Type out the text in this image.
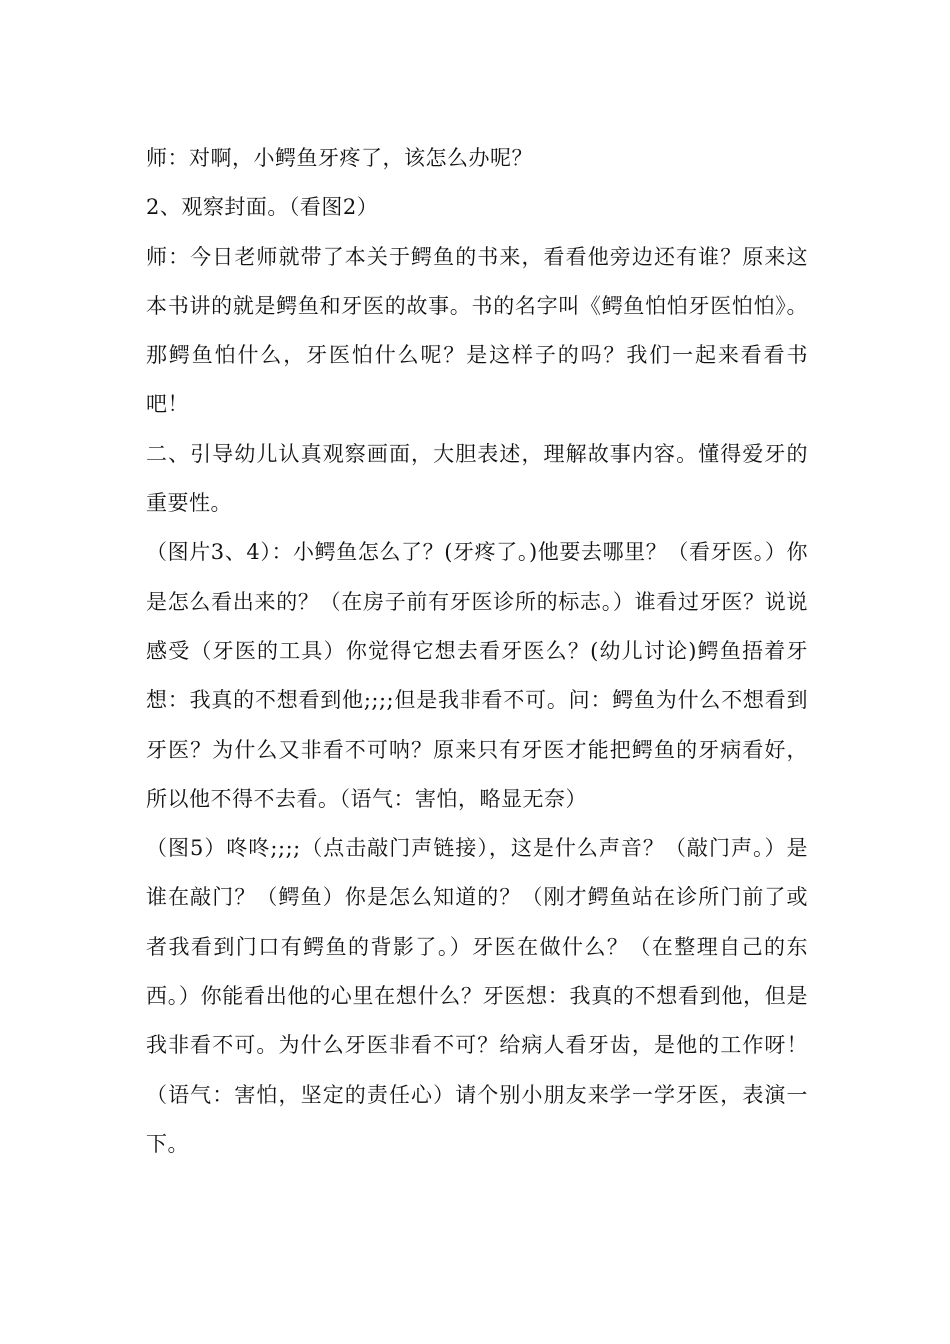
师：对啊，小鳄鱼牙疼了，该怎么办呢？

2、观察封面。（看图2）

师：今日老师就带了本关于鳄鱼的书来，看看他旁边还有谁？原来这本书讲的就是鳄鱼和牙医的故事。书的名字叫《鳄鱼怕怕牙医怕怕》。那鳄鱼怕什么，牙医怕什么呢？是这样子的吗？我们一起来看看书吧！

二、引导幼儿认真观察画面，大胆表述，理解故事内容。懂得爱牙的重要性。

（图片3、4）：小鳄鱼怎么了？(牙疼了。)他要去哪里？（看牙医。）你是怎么看出来的？（在房子前有牙医诊所的标志。）谁看过牙医？说说感受（牙医的工具）你觉得它想去看牙医么？(幼儿讨论)鳄鱼捂着牙想：我真的不想看到他;;;;但是我非看不可。问：鳄鱼为什么不想看到牙医？为什么又非看不可呐？原来只有牙医才能把鳄鱼的牙病看好，所以他不得不去看。（语气：害怕，略显无奈）

（图5）咚咚;;;;（点击敲门声链接），这是什么声音？（敲门声。）是谁在敲门？（鳄鱼）你是怎么知道的？（刚才鳄鱼站在诊所门前了或者我看到门口有鳄鱼的背影了。）牙医在做什么？（在整理自己的东西。）你能看出他的心里在想什么？牙医想：我真的不想看到他，但是我非看不可。为什么牙医非看不可？给病人看牙齿，是他的工作呀！（语气：害怕，坚定的责任心）请个别小朋友来学一学牙医，表演一下。
